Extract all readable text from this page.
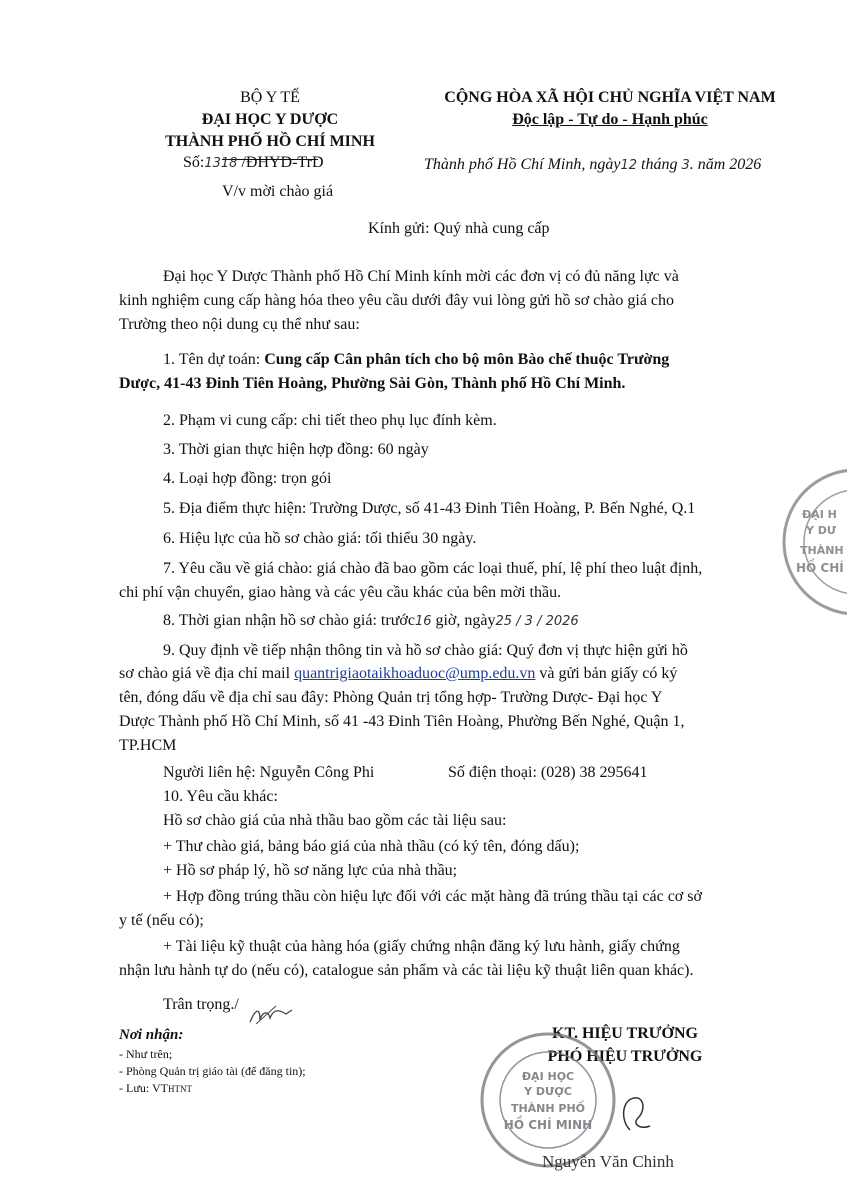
BỘ Y TẾ
ĐẠI HỌC Y DƯỢC
THÀNH PHỐ HỒ CHÍ MINH
Số:1318 /ĐHYD-TrD
V/v mời chào giá
CỘNG HÒA XÃ HỘI CHỦ NGHĨA VIỆT NAM
Độc lập - Tự do - Hạnh phúc
Thành phố Hồ Chí Minh, ngày12 tháng 3. năm 2026
Kính gửi: Quý nhà cung cấp
Đại học Y Dược Thành phố Hồ Chí Minh kính mời các đơn vị có đủ năng lực và
kinh nghiệm cung cấp hàng hóa theo yêu cầu dưới đây vui lòng gửi hồ sơ chào giá cho
Trường theo nội dung cụ thể như sau:
1. Tên dự toán: Cung cấp Cân phân tích cho bộ môn Bào chế thuộc Trường
Dược, 41-43 Đinh Tiên Hoàng, Phường Sài Gòn, Thành phố Hồ Chí Minh.
2. Phạm vi cung cấp: chi tiết theo phụ lục đính kèm.
3. Thời gian thực hiện hợp đồng: 60 ngày
4. Loại hợp đồng: trọn gói
5. Địa điểm thực hiện: Trường Dược, số 41-43 Đinh Tiên Hoàng, P. Bến Nghé, Q.1
6. Hiệu lực của hồ sơ chào giá: tối thiểu 30 ngày.
7. Yêu cầu về giá chào: giá chào đã bao gồm các loại thuế, phí, lệ phí theo luật định,
chi phí vận chuyển, giao hàng và các yêu cầu khác của bên mời thầu.
8. Thời gian nhận hồ sơ chào giá: trước16 giờ, ngày25 / 3 / 2026
9. Quy định về tiếp nhận thông tin và hồ sơ chào giá: Quý đơn vị thực hiện gửi hồ
sơ chào giá về địa chỉ mail quantrigiaotaikhoaduoc@ump.edu.vn và gửi bản giấy có ký
tên, đóng dấu về địa chỉ sau đây: Phòng Quản trị tổng hợp- Trường Dược- Đại học Y
Dược Thành phố Hồ Chí Minh, số 41 -43 Đinh Tiên Hoàng, Phường Bến Nghé, Quận 1,
TP.HCM
Người liên hệ: Nguyễn Công Phi	Số điện thoại: (028) 38 295641
10. Yêu cầu khác:
Hồ sơ chào giá của nhà thầu bao gồm các tài liệu sau:
+ Thư chào giá, bảng báo giá của nhà thầu (có ký tên, đóng dấu);
+ Hồ sơ pháp lý, hồ sơ năng lực của nhà thầu;
+ Hợp đồng trúng thầu còn hiệu lực đối với các mặt hàng đã trúng thầu tại các cơ sở
y tế (nếu có);
+ Tài liệu kỹ thuật của hàng hóa (giấy chứng nhận đăng ký lưu hành, giấy chứng
nhận lưu hành tự do (nếu có), catalogue sản phẩm và các tài liệu kỹ thuật liên quan khác).
Trân trọng./
Nơi nhận:
- Như trên;
- Phòng Quản trị giáo tài (để đăng tin);
- Lưu: VTHTNT
KT. HIỆU TRƯỞNG
PHÓ HIỆU TRƯỞNG
ĐẠI HỌC
Y DƯỢC
THÀNH PHỐ
HỒ CHÍ MINH
Nguyễn Văn Chinh
ĐẠI H
Y DƯ
THÀNH
HỒ CHÍ
